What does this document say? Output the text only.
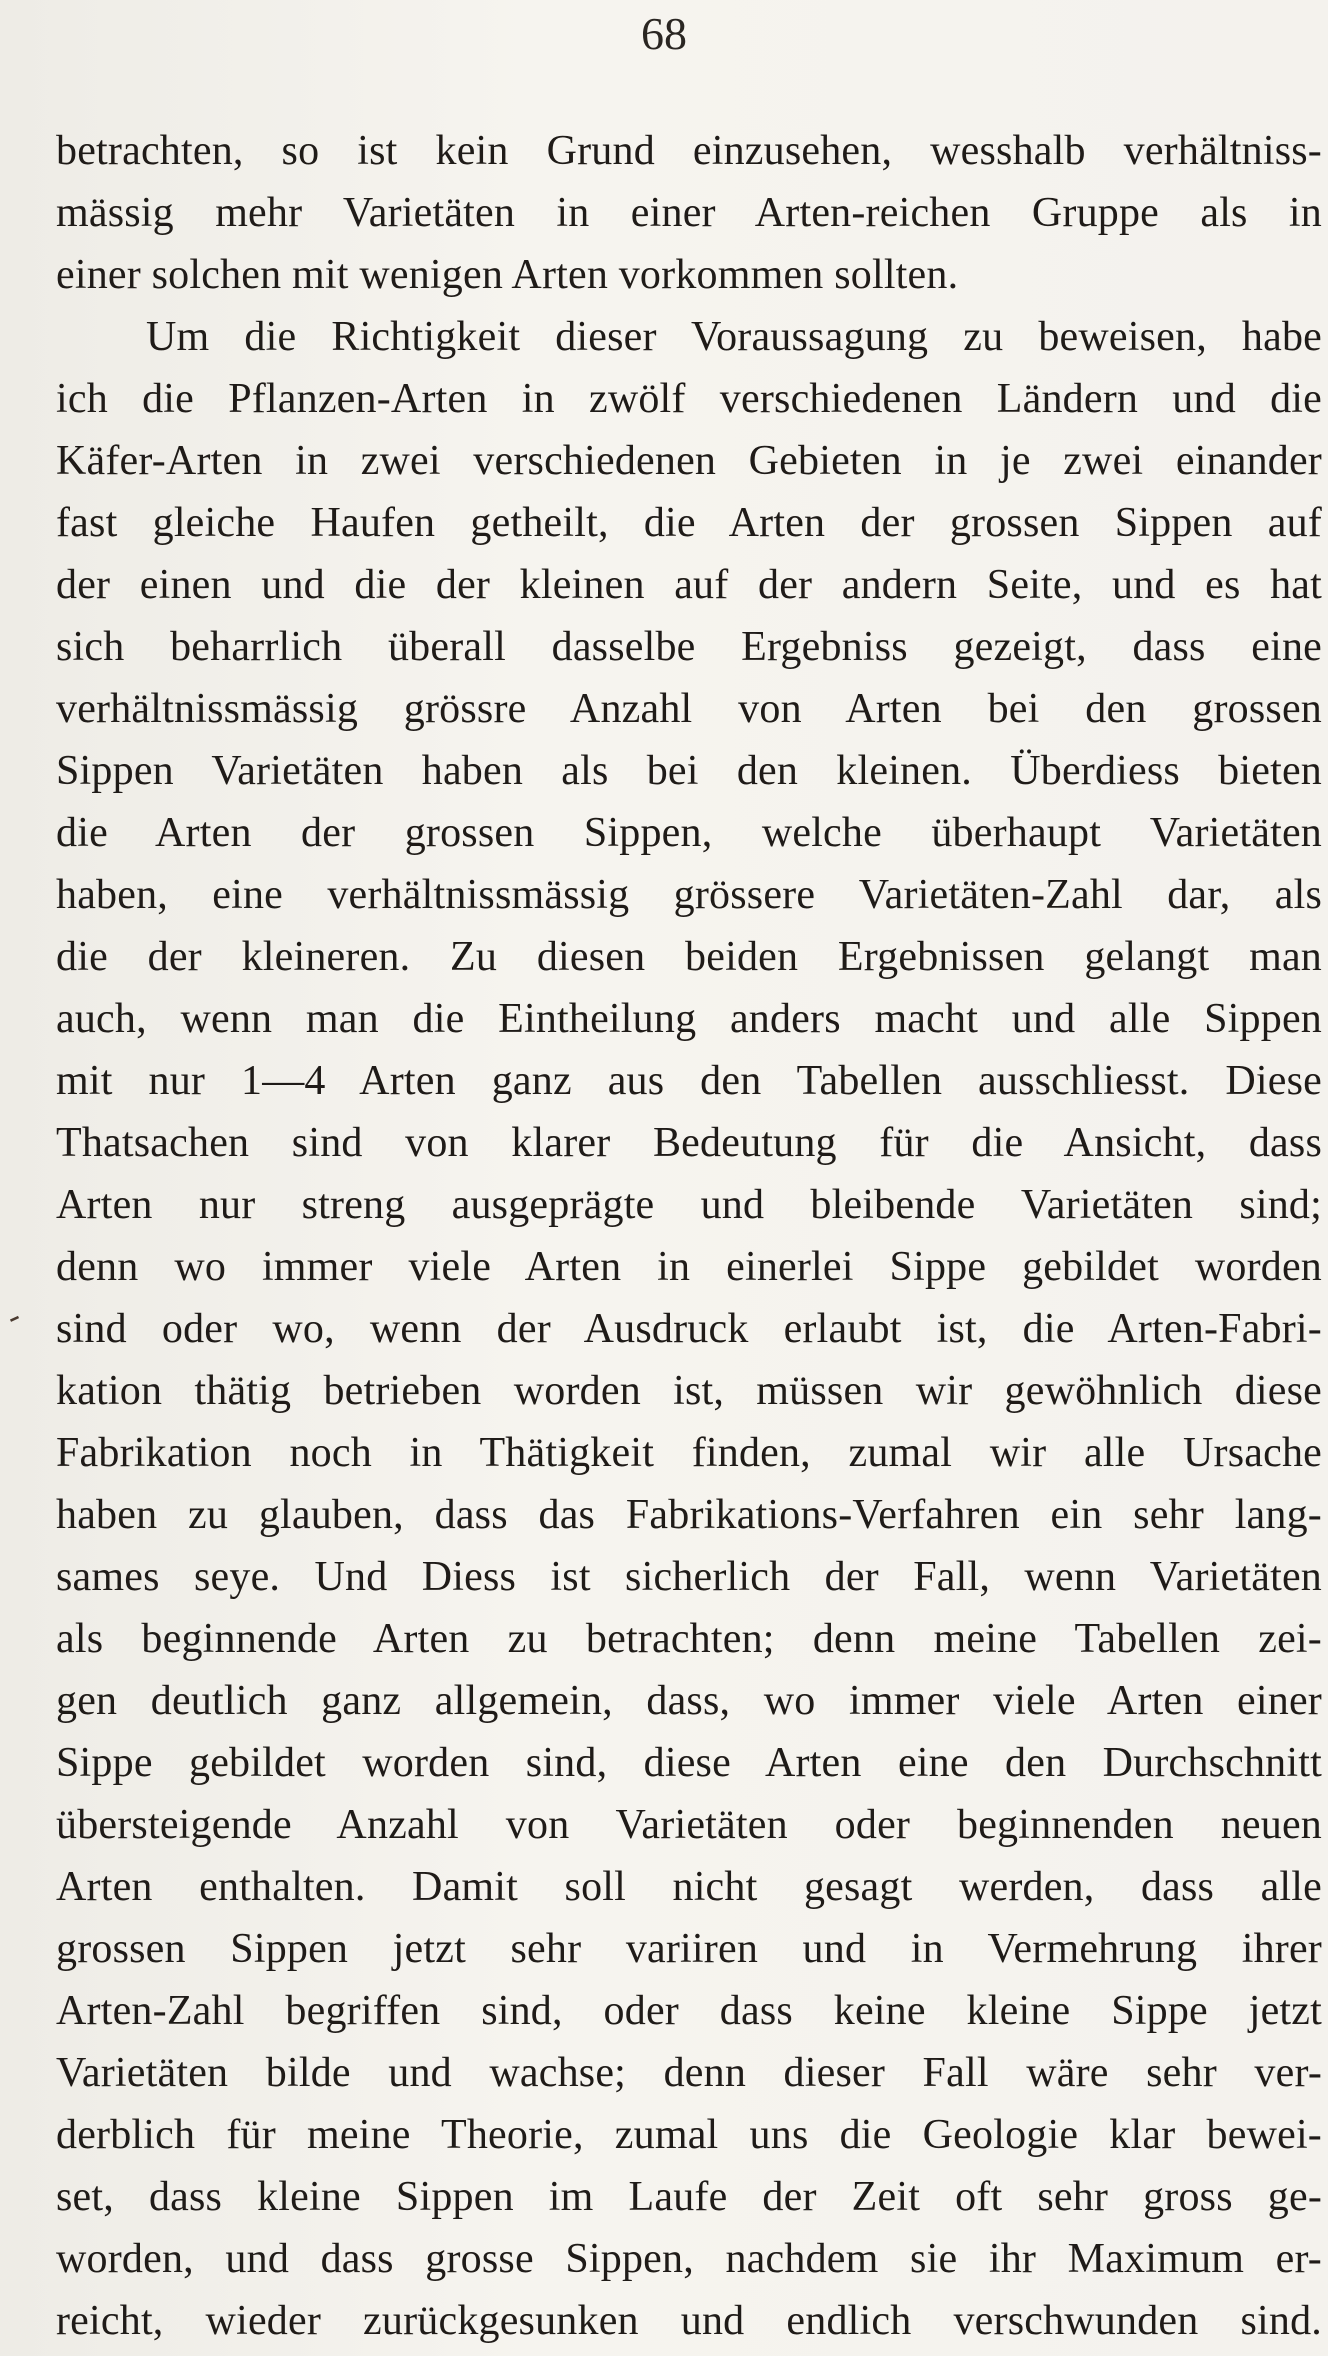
68
-
betrachten, so ist kein Grund einzusehen, wesshalb verhältniss-
mässig mehr Varietäten in einer Arten-reichen Gruppe als in
einer solchen mit wenigen Arten vorkommen sollten.
Um die Richtigkeit dieser Voraussagung zu beweisen, habe
ich die Pflanzen-Arten in zwölf verschiedenen Ländern und die
Käfer-Arten in zwei verschiedenen Gebieten in je zwei einander
fast gleiche Haufen getheilt, die Arten der grossen Sippen auf
der einen und die der kleinen auf der andern Seite, und es hat
sich beharrlich überall dasselbe Ergebniss gezeigt, dass eine
verhältnissmässig grössre Anzahl von Arten bei den grossen
Sippen Varietäten haben als bei den kleinen. Überdiess bieten
die Arten der grossen Sippen, welche überhaupt Varietäten
haben, eine verhältnissmässig grössere Varietäten-Zahl dar, als
die der kleineren. Zu diesen beiden Ergebnissen gelangt man
auch, wenn man die Eintheilung anders macht und alle Sippen
mit nur 1—4 Arten ganz aus den Tabellen ausschliesst. Diese
Thatsachen sind von klarer Bedeutung für die Ansicht, dass
Arten nur streng ausgeprägte und bleibende Varietäten sind;
denn wo immer viele Arten in einerlei Sippe gebildet worden
sind oder wo, wenn der Ausdruck erlaubt ist, die Arten-Fabri-
kation thätig betrieben worden ist, müssen wir gewöhnlich diese
Fabrikation noch in Thätigkeit finden, zumal wir alle Ursache
haben zu glauben, dass das Fabrikations-Verfahren ein sehr lang-
sames seye. Und Diess ist sicherlich der Fall, wenn Varietäten
als beginnende Arten zu betrachten; denn meine Tabellen zei-
gen deutlich ganz allgemein, dass, wo immer viele Arten einer
Sippe gebildet worden sind, diese Arten eine den Durchschnitt
übersteigende Anzahl von Varietäten oder beginnenden neuen
Arten enthalten. Damit soll nicht gesagt werden, dass alle
grossen Sippen jetzt sehr variiren und in Vermehrung ihrer
Arten-Zahl begriffen sind, oder dass keine kleine Sippe jetzt
Varietäten bilde und wachse; denn dieser Fall wäre sehr ver-
derblich für meine Theorie, zumal uns die Geologie klar bewei-
set, dass kleine Sippen im Laufe der Zeit oft sehr gross ge-
worden, und dass grosse Sippen, nachdem sie ihr Maximum er-
reicht, wieder zurückgesunken und endlich verschwunden sind.
